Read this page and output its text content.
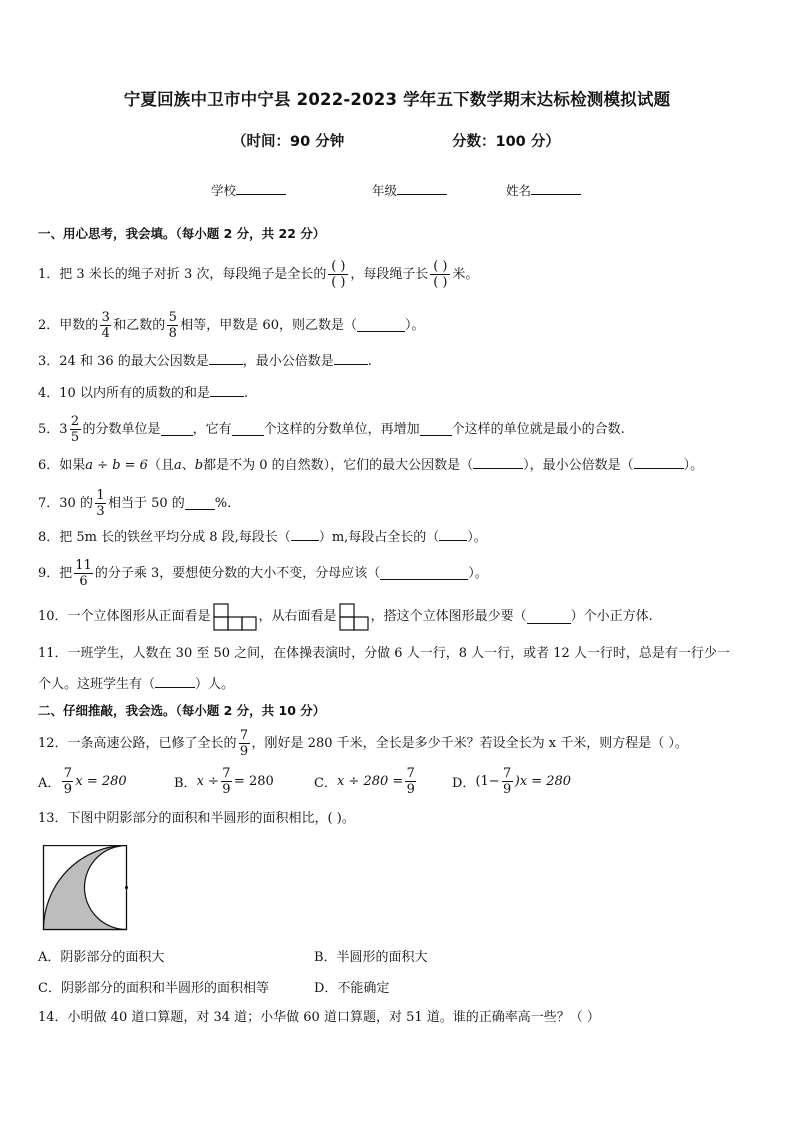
宁夏回族中卫市中宁县 2022-2023 学年五下数学期末达标检测模拟试题
（时间：90 分钟	分数：100 分）
学校	年级	姓名
一、用心思考，我会填。（每小题 2 分，共 22 分）
1．把 3 米长的绳子对折 3 次，每段绳子是全长的 $\frac{( )}{( )}$ ，每段绳子长 $\frac{( )}{( )}$ 米。
2．甲数的 $\frac{3}{4}$ 和乙数的 $\frac{5}{8}$ 相等，甲数是 60，则乙数是（	）。
3．24 和 36 的最大公因数是	，最小公倍数是	.
4．10 以内所有的质数的和是	.
5．$3 \frac{2}{5}$ 的分数单位是 ，它有 个这样的分数单位，再增加 个这样的单位就是最小的合数.
6．如果a ÷ b = 6（且a、b都是不为 0 的自然数），它们的最大公因数是（	），最小公倍数是（	）。
7．30 的 $\frac{1}{3}$ 相当于 50 的 %.
8．把 5m 长的铁丝平均分成 8 段,每段长（ ）m,每段占全长的（ ）。
9．把 $\frac{11}{6}$ 的分子乘 3，要想使分数的大小不变，分母应该（	）。
10．一个立体图形从正面看是	，从右面看是	，搭这个立体图形最少要（	）个小正方体.
11．一班学生，人数在 30 至 50 之间，在体操表演时，分做 6 人一行，8 人一行，或者 12 人一行时，总是有一行少一
个人。这班学生有（	）人。
二、仔细推敲，我会选。（每小题 2 分，共 10 分）
12．一条高速公路，已修了全长的 $\frac{7}{9}$ ，刚好是 280 千米，全长是多少千米？若设全长为 x 千米，则方程是（ ）。
A． $\frac{7}{9}$ x = 280	B． $x \div \frac{7}{9} = 280$	C． $x \div 280 = \frac{7}{9}$	D． $(1- \frac{7}{9} )x = 280$
13．下图中阴影部分的面积和半圆形的面积相比，( )。
A．阴影部分的面积大	B．半圆形的面积大
C．阴影部分的面积和半圆形的面积相等	D．不能确定
14．小明做 40 道口算题，对 34 道；小华做 60 道口算题，对 51 道。谁的正确率高一些？（ ）
